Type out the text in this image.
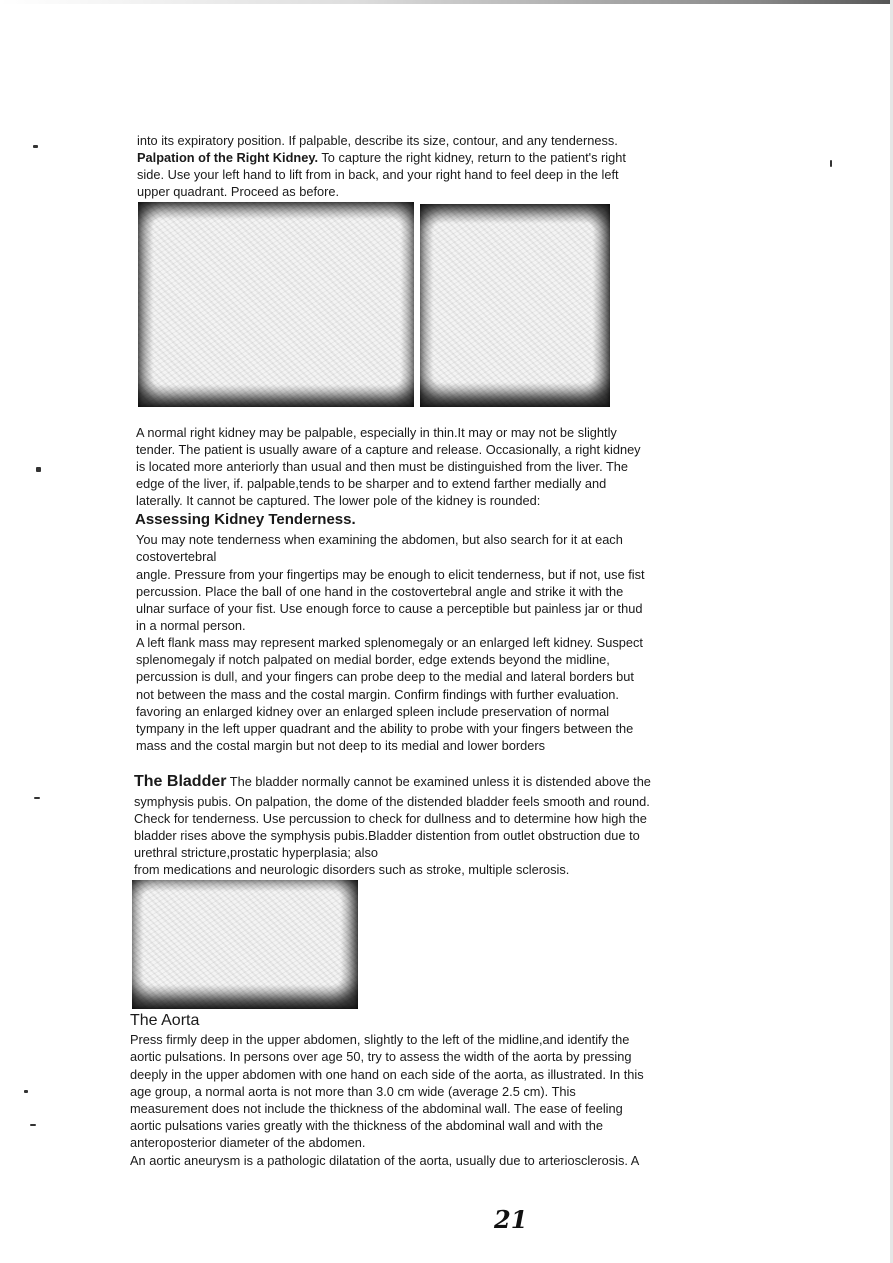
into its expiratory position. If palpable, describe its size, contour, and any tenderness.
Palpation of the Right Kidney. To capture the right kidney, return to the patient's right
side. Use your left hand to lift from in back, and your right hand to feel deep in the left
upper quadrant. Proceed as before.
A normal right kidney may be palpable, especially in thin.It may or may not be slightly
tender. The patient is usually aware of a capture and release. Occasionally, a right kidney
is located more anteriorly than usual and then must be distinguished from the liver. The
edge of the liver, if. palpable,tends to be sharper and to extend farther medially and
laterally. It cannot be captured. The lower pole of the kidney is rounded:
Assessing Kidney Tenderness.
You may note tenderness when examining the abdomen, but also search for it at each
costovertebral
angle. Pressure from your fingertips may be enough to elicit tenderness, but if not, use fist
percussion. Place the ball of one hand in the costovertebral angle and strike it with the
ulnar surface of your fist. Use enough force to cause a perceptible but painless jar or thud
in a normal person.
A left flank mass may represent marked splenomegaly or an enlarged left kidney. Suspect
splenomegaly if notch palpated on medial border, edge extends beyond the midline,
percussion is dull, and your fingers can probe deep to the medial and lateral borders but
not between the mass and the costal margin. Confirm findings with further evaluation.
favoring an enlarged kidney over an enlarged spleen include preservation of normal
tympany in the left upper quadrant and the ability to probe with your fingers between the
mass and the costal margin but not deep to its medial and lower borders
The Bladder The bladder normally cannot be examined unless it is distended above the
symphysis pubis. On palpation, the dome of the distended bladder feels smooth and round.
Check for tenderness. Use percussion to check for dullness and to determine how high the
bladder rises above the symphysis pubis.Bladder distention from outlet obstruction due to
urethral stricture,prostatic hyperplasia; also
from medications and neurologic disorders such as stroke, multiple sclerosis.
The Aorta
Press firmly deep in the upper abdomen, slightly to the left of the midline,and identify the
aortic pulsations. In persons over age 50, try to assess the width of the aorta by pressing
deeply in the upper abdomen with one hand on each side of the aorta, as illustrated. In this
age group, a normal aorta is not more than 3.0 cm wide (average 2.5 cm). This
measurement does not include the thickness of the abdominal wall. The ease of feeling
aortic pulsations varies greatly with the thickness of the abdominal wall and with the
anteroposterior diameter of the abdomen.
An aortic aneurysm is a pathologic dilatation of the aorta, usually due to arteriosclerosis. A
21
